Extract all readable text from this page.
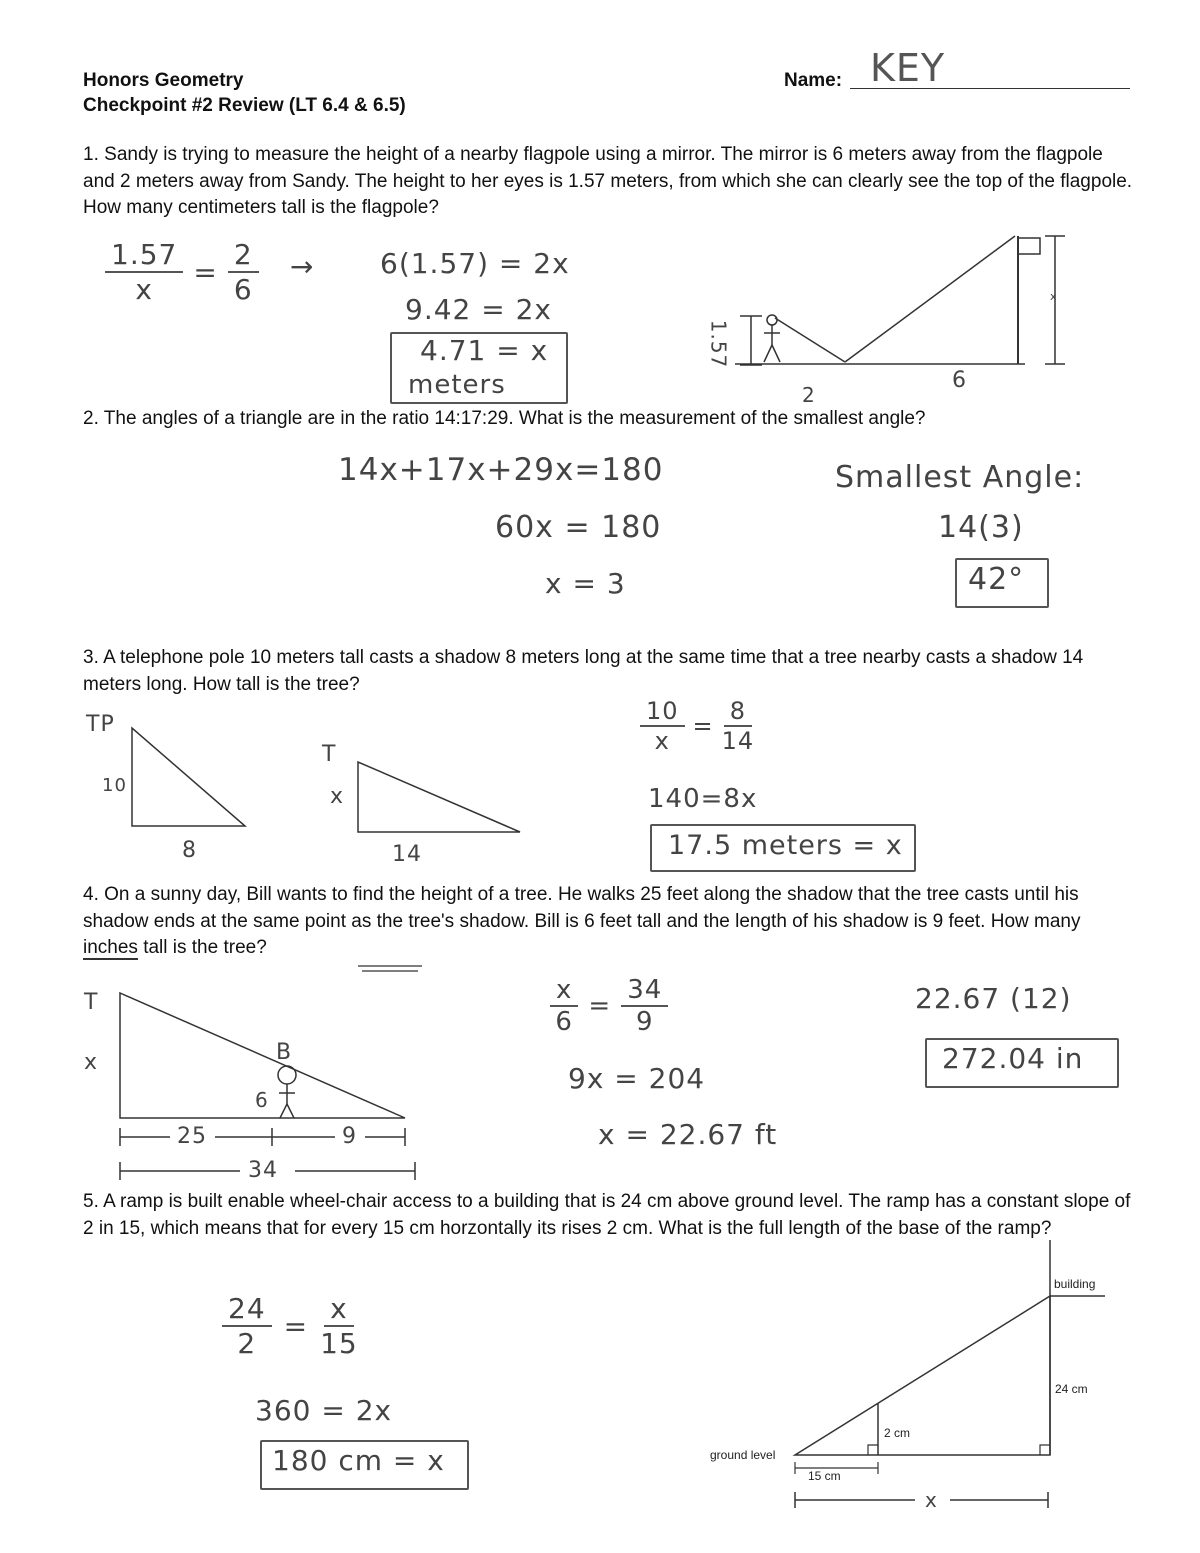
Honors Geometry
Checkpoint #2 Review (LT 6.4 & 6.5)
Name: KEY
1. Sandy is trying to measure the height of a nearby flagpole using a mirror. The mirror is 6 meters away from the flagpole and 2 meters away from Sandy. The height to her eyes is 1.57 meters, from which she can clearly see the top of the flagpole. How many centimeters tall is the flagpole?
$\frac{1.57}{x} = \frac{2}{6} \to 6(1.57) = 2x$
9.42 = 2x
4.71 = x
meters
1.57
2
6
x
2. The angles of a triangle are in the ratio 14:17:29. What is the measurement of the smallest angle?
14x+17x+29x=180
60x = 180
x = 3
Smallest Angle:
14(3)
42°
3. A telephone pole 10 meters tall casts a shadow 8 meters long at the same time that a tree nearby casts a shadow 14 meters long. How tall is the tree?
TP
10
8
T
x
14
$\frac{10}{x} = \frac{8}{14}$
140=8x
17.5 meters = x
4. On a sunny day, Bill wants to find the height of a tree. He walks 25 feet along the shadow that the tree casts until his shadow ends at the same point as the tree's shadow. Bill is 6 feet tall and the length of his shadow is 9 feet. How many inches tall is the tree?
T
x	B
6
25	9
34
$\frac{x}{6} = \frac{34}{9}$
9x = 204
x = 22.67 ft
22.67 (12)
272.04 in
5. A ramp is built enable wheel-chair access to a building that is 24 cm above ground level. The ramp has a constant slope of 2 in 15, which means that for every 15 cm horzontally its rises 2 cm. What is the full length of the base of the ramp?
$\frac{24}{2} = \frac{x}{15}$
360 = 2x
180 cm = x
building
24 cm
2 cm
15 cm
ground level
x
